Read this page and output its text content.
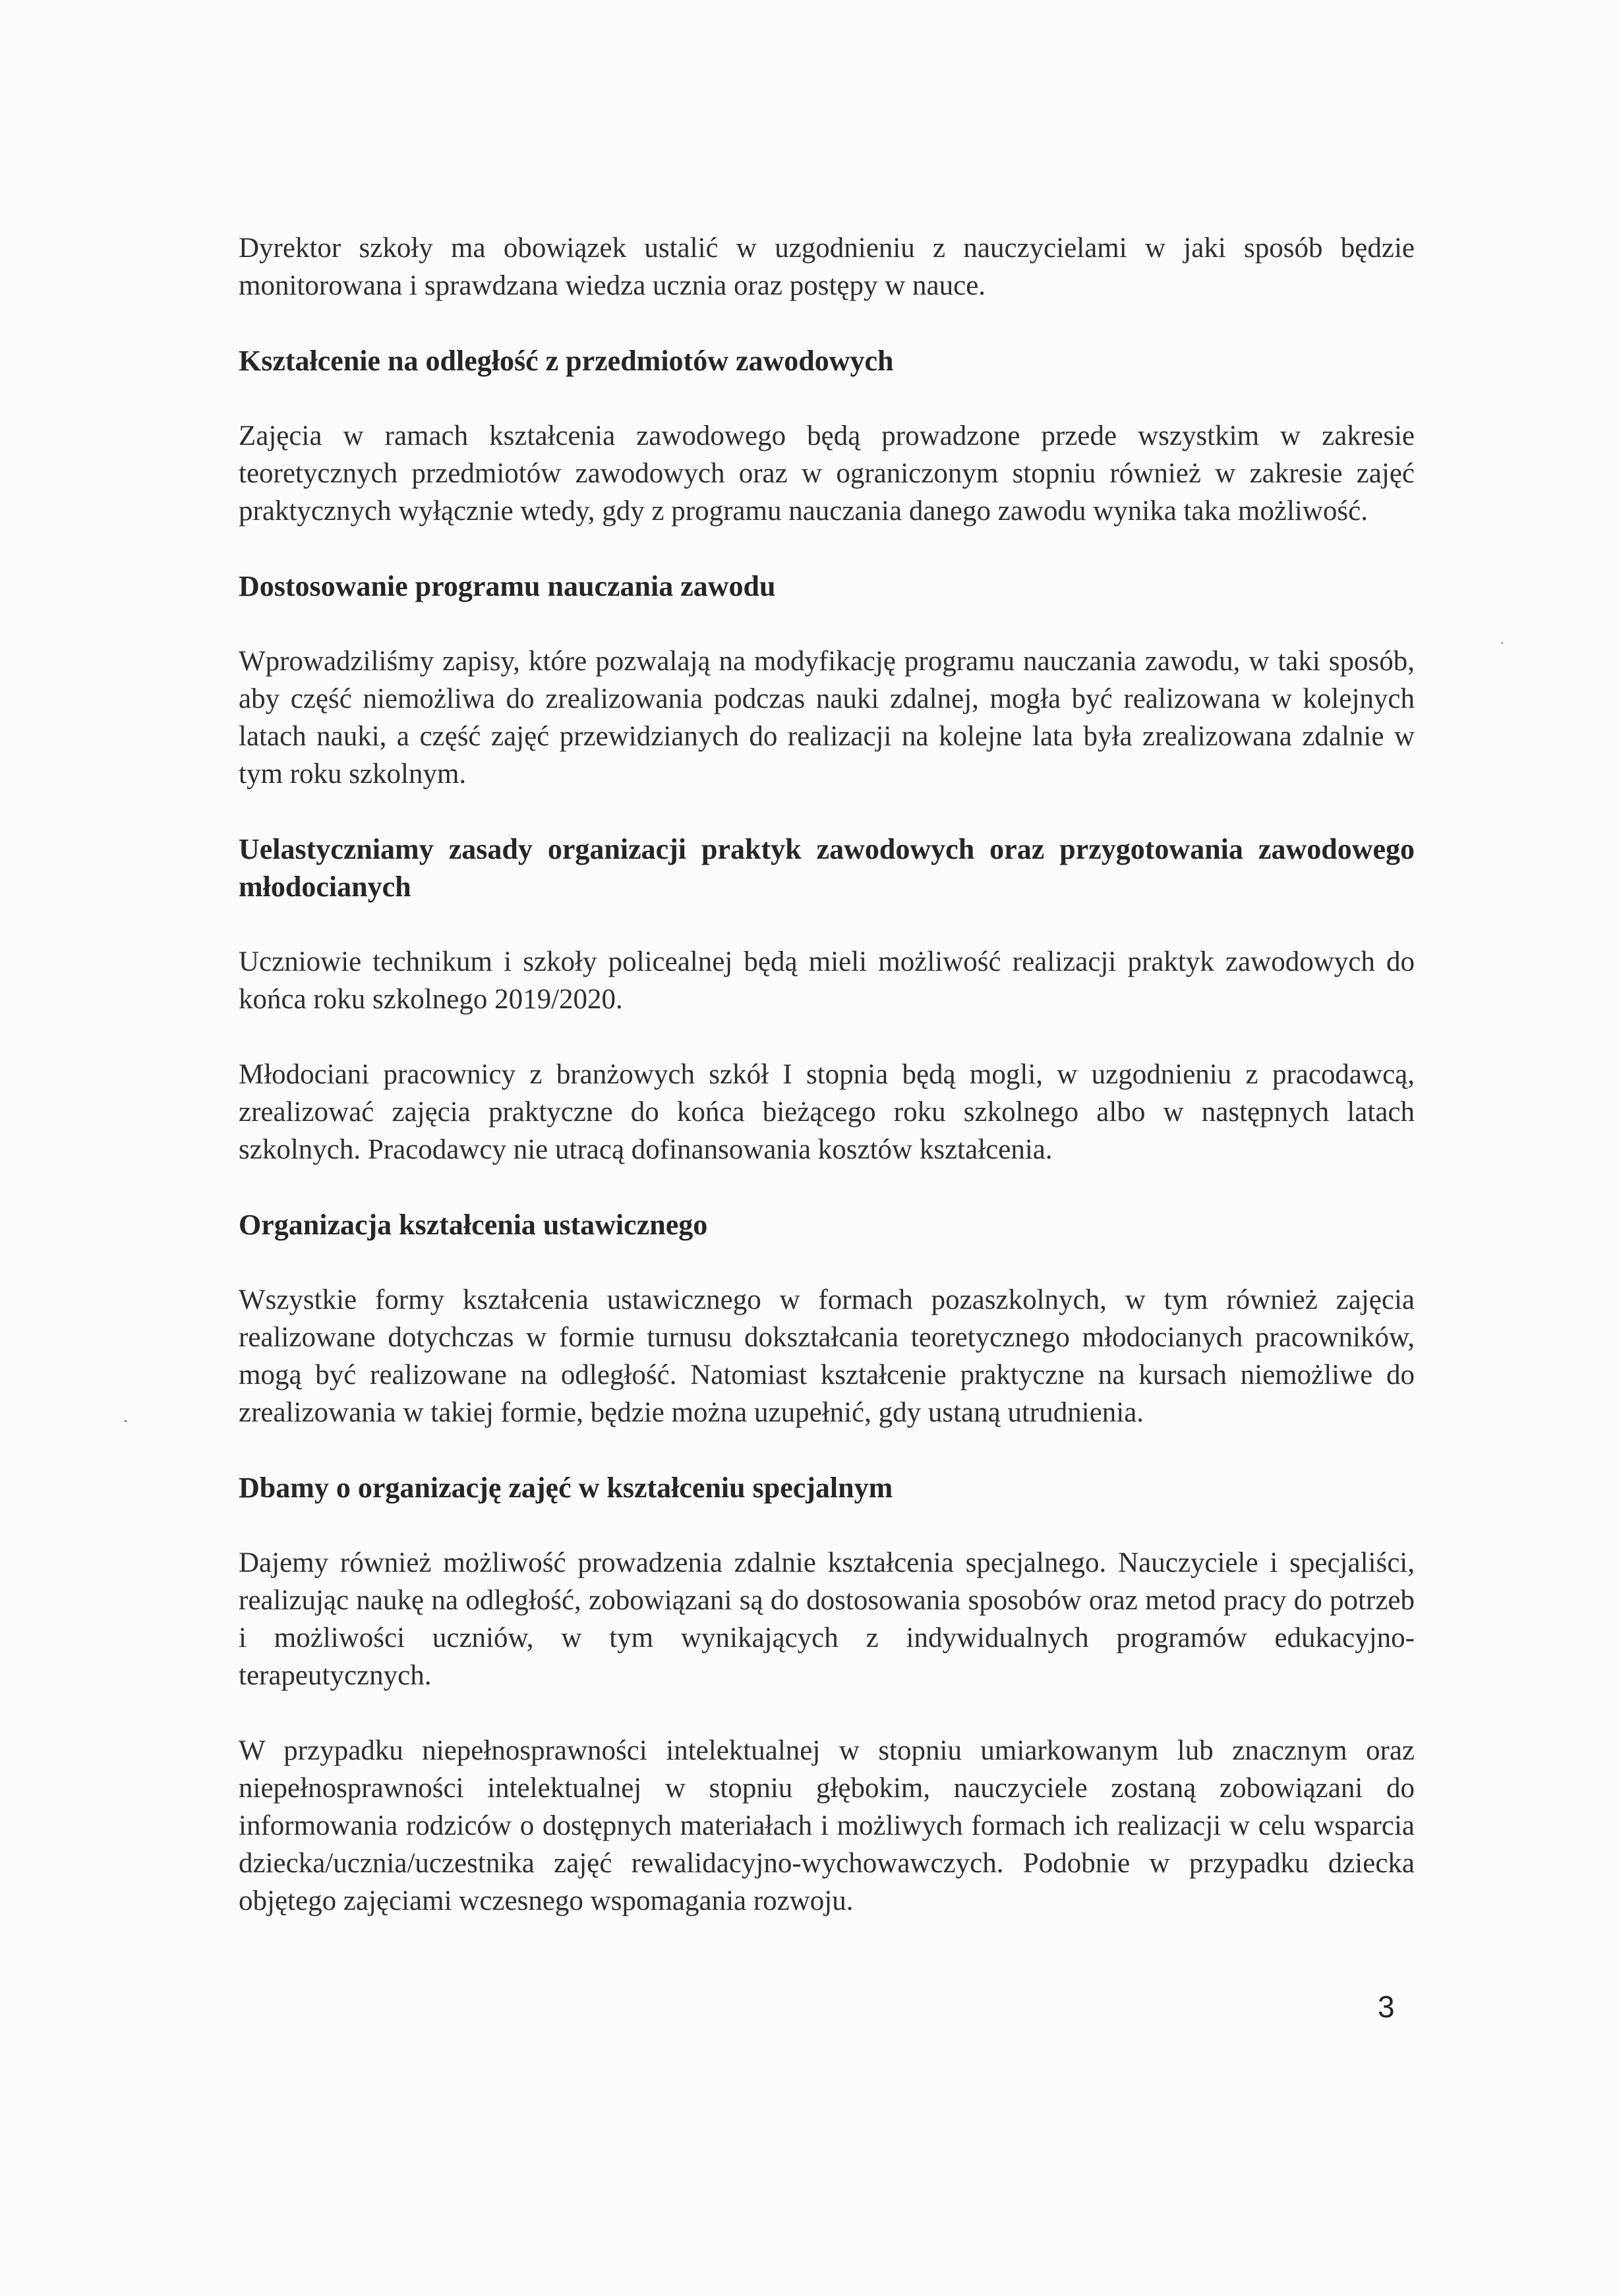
Dyrektor szkoły ma obowiązek ustalić w uzgodnieniu z nauczycielami w jaki sposób będzie monitorowana i sprawdzana wiedza ucznia oraz postępy w nauce.

Kształcenie na odległość z przedmiotów zawodowych

Zajęcia w ramach kształcenia zawodowego będą prowadzone przede wszystkim w zakresie teoretycznych przedmiotów zawodowych oraz w ograniczonym stopniu również w zakresie zajęć praktycznych wyłącznie wtedy, gdy z programu nauczania danego zawodu wynika taka możliwość.

Dostosowanie programu nauczania zawodu

Wprowadziliśmy zapisy, które pozwalają na modyfikację programu nauczania zawodu, w taki sposób, aby część niemożliwa do zrealizowania podczas nauki zdalnej, mogła być realizowana w kolejnych latach nauki, a część zajęć przewidzianych do realizacji na kolejne lata była zrealizowana zdalnie w tym roku szkolnym.

Uelastyczniamy zasady organizacji praktyk zawodowych oraz przygotowania zawodowego młodocianych

Uczniowie technikum i szkoły policealnej będą mieli możliwość realizacji praktyk zawodowych do końca roku szkolnego 2019/2020.

Młodociani pracownicy z branżowych szkół I stopnia będą mogli, w uzgodnieniu z pracodawcą, zrealizować zajęcia praktyczne do końca bieżącego roku szkolnego albo w następnych latach szkolnych. Pracodawcy nie utracą dofinansowania kosztów kształcenia.

Organizacja kształcenia ustawicznego

Wszystkie formy kształcenia ustawicznego w formach pozaszkolnych, w tym również zajęcia realizowane dotychczas w formie turnusu dokształcania teoretycznego młodocianych pracowników, mogą być realizowane na odległość. Natomiast kształcenie praktyczne na kursach niemożliwe do zrealizowania w takiej formie, będzie można uzupełnić, gdy ustaną utrudnienia.

Dbamy o organizację zajęć w kształceniu specjalnym

Dajemy również możliwość prowadzenia zdalnie kształcenia specjalnego. Nauczyciele i specjaliści, realizując naukę na odległość, zobowiązani są do dostosowania sposobów oraz metod pracy do potrzeb i możliwości uczniów, w tym wynikających z indywidualnych programów edukacyjno-terapeutycznych.

W przypadku niepełnosprawności intelektualnej w stopniu umiarkowanym lub znacznym oraz niepełnosprawności intelektualnej w stopniu głębokim, nauczyciele zostaną zobowiązani do informowania rodziców o dostępnych materiałach i możliwych formach ich realizacji w celu wsparcia dziecka/ucznia/uczestnika zajęć rewalidacyjno-wychowawczych. Podobnie w przypadku dziecka objętego zajęciami wczesnego wspomagania rozwoju.

3
